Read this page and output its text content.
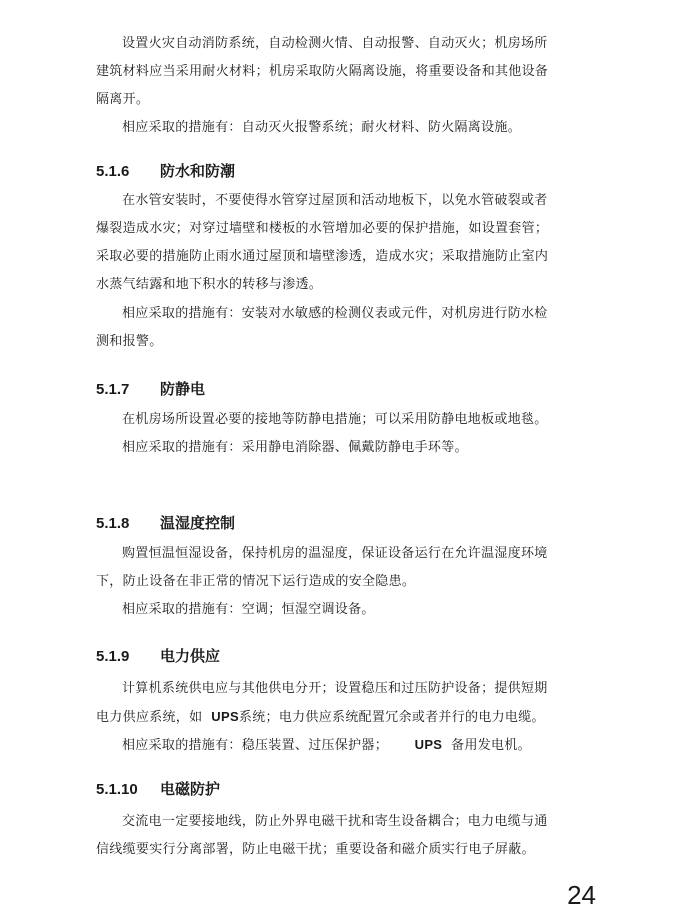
设置火灾自动消防系统，自动检测火情、自动报警、自动灭火；机房场所
建筑材料应当采用耐火材料；机房采取防火隔离设施，将重要设备和其他设备
隔离开。

相应采取的措施有：自动灭火报警系统；耐火材料、防火隔离设施。

5.1.6 防水和防潮

在水管安装时，不要使得水管穿过屋顶和活动地板下，以免水管破裂或者
爆裂造成水灾；对穿过墙壁和楼板的水管增加必要的保护措施，如设置套管；
采取必要的措施防止雨水通过屋顶和墙壁渗透，造成水灾；采取措施防止室内
水蒸气结露和地下积水的转移与渗透。

相应采取的措施有：安装对水敏感的检测仪表或元件，对机房进行防水检
测和报警。

5.1.7 防静电

在机房场所设置必要的接地等防静电措施；可以采用防静电地板或地毯。

相应采取的措施有：采用静电消除器、佩戴防静电手环等。

5.1.8 温湿度控制

购置恒温恒湿设备，保持机房的温湿度，保证设备运行在允许温湿度环境
下，防止设备在非正常的情况下运行造成的安全隐患。

相应采取的措施有：空调；恒湿空调设备。

5.1.9 电力供应

计算机系统供电应与其他供电分开；设置稳压和过压防护设备；提供短期
电力供应系统，如 UPS系统；电力供应系统配置冗余或者并行的电力电缆。

相应采取的措施有：稳压装置、过压保护器； UPS 备用发电机。

5.1.10 电磁防护

交流电一定要接地线，防止外界电磁干扰和寄生设备耦合；电力电缆与通
信线缆要实行分离部署，防止电磁干扰；重要设备和磁介质实行电子屏蔽。

24
